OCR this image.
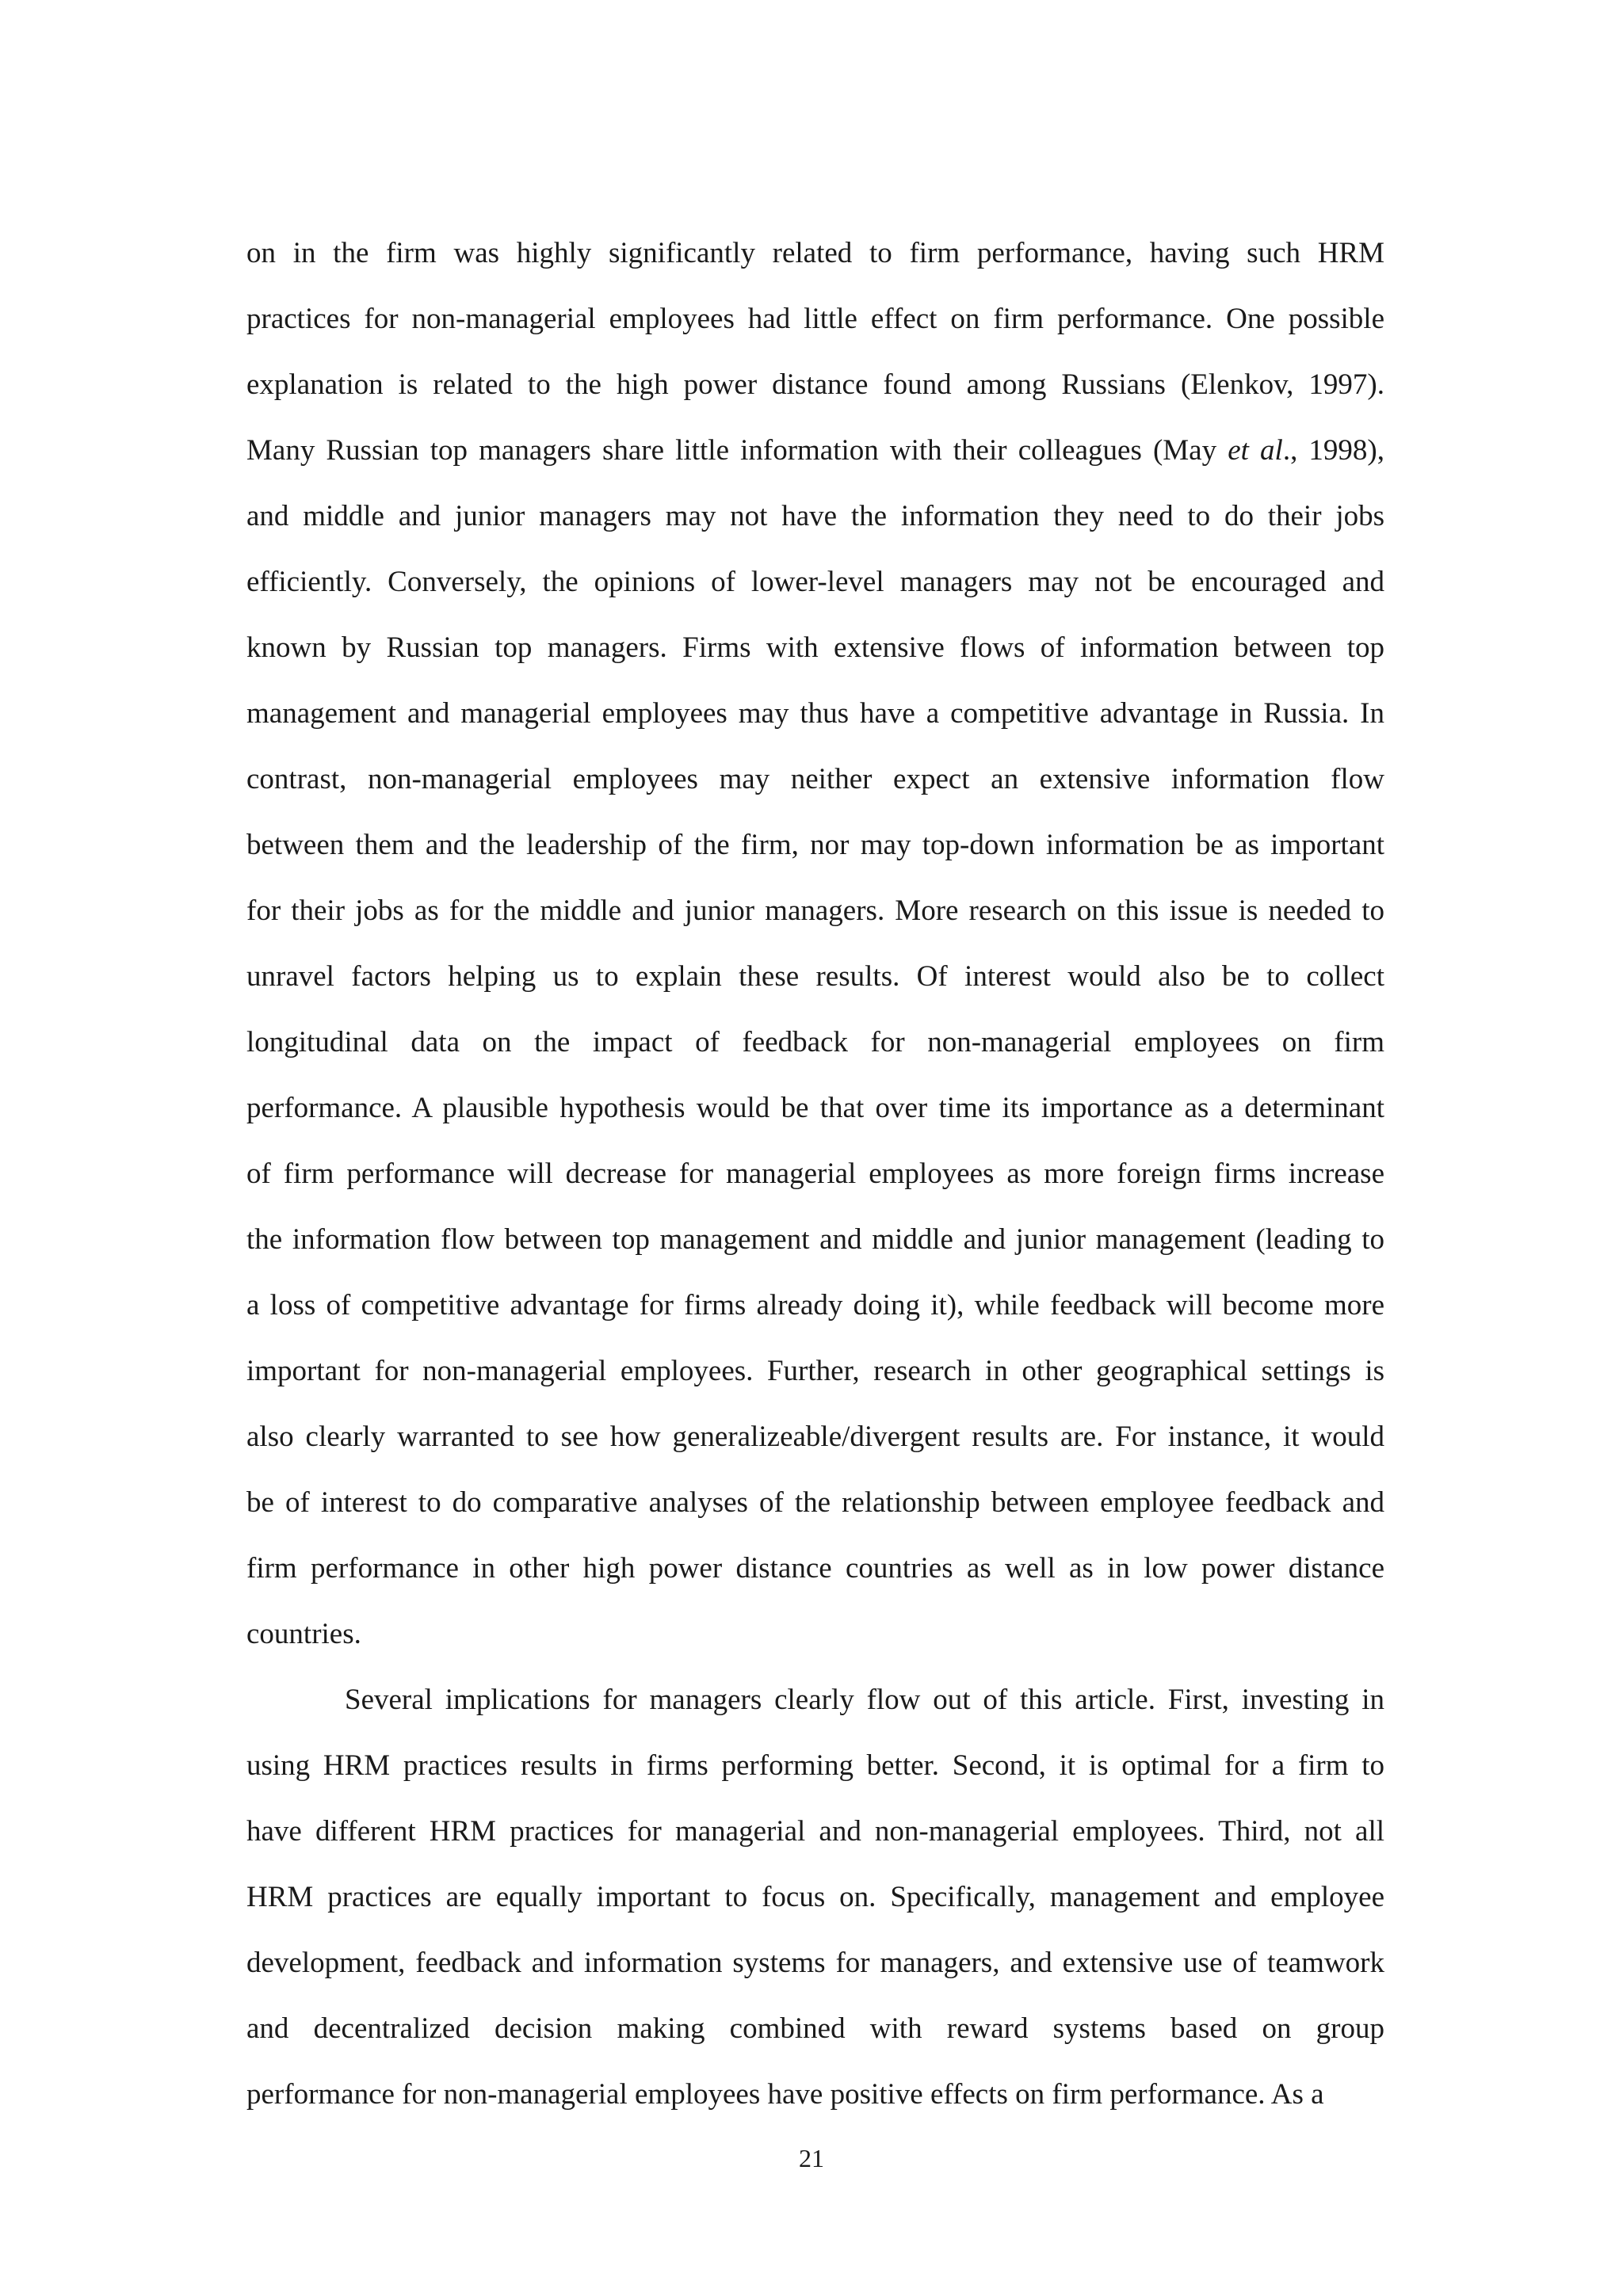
on in the firm was highly significantly related to firm performance, having such HRM
practices for non-managerial employees had little effect on firm performance. One possible
explanation is related to the high power distance found among Russians (Elenkov, 1997).
Many Russian top managers share little information with their colleagues (May et al., 1998),
and middle and junior managers may not have the information they need to do their jobs
efficiently. Conversely, the opinions of lower-level managers may not be encouraged and
known by Russian top managers. Firms with extensive flows of information between top
management and managerial employees may thus have a competitive advantage in Russia. In
contrast, non-managerial employees may neither expect an extensive information flow
between them and the leadership of the firm, nor may top-down information be as important
for their jobs as for the middle and junior managers. More research on this issue is needed to
unravel factors helping us to explain these results. Of interest would also be to collect
longitudinal data on the impact of feedback for non-managerial employees on firm
performance. A plausible hypothesis would be that over time its importance as a determinant
of firm performance will decrease for managerial employees as more foreign firms increase
the information flow between top management and middle and junior management (leading to
a loss of competitive advantage for firms already doing it), while feedback will become more
important for non-managerial employees. Further, research in other geographical settings is
also clearly warranted to see how generalizeable/divergent results are. For instance, it would
be of interest to do comparative analyses of the relationship between employee feedback and
firm performance in other high power distance countries as well as in low power distance
countries.
Several implications for managers clearly flow out of this article. First, investing in
using HRM practices results in firms performing better. Second, it is optimal for a firm to
have different HRM practices for managerial and non-managerial employees. Third, not all
HRM practices are equally important to focus on. Specifically, management and employee
development, feedback and information systems for managers, and extensive use of teamwork
and decentralized decision making combined with reward systems based on group
performance for non-managerial employees have positive effects on firm performance. As a
21
